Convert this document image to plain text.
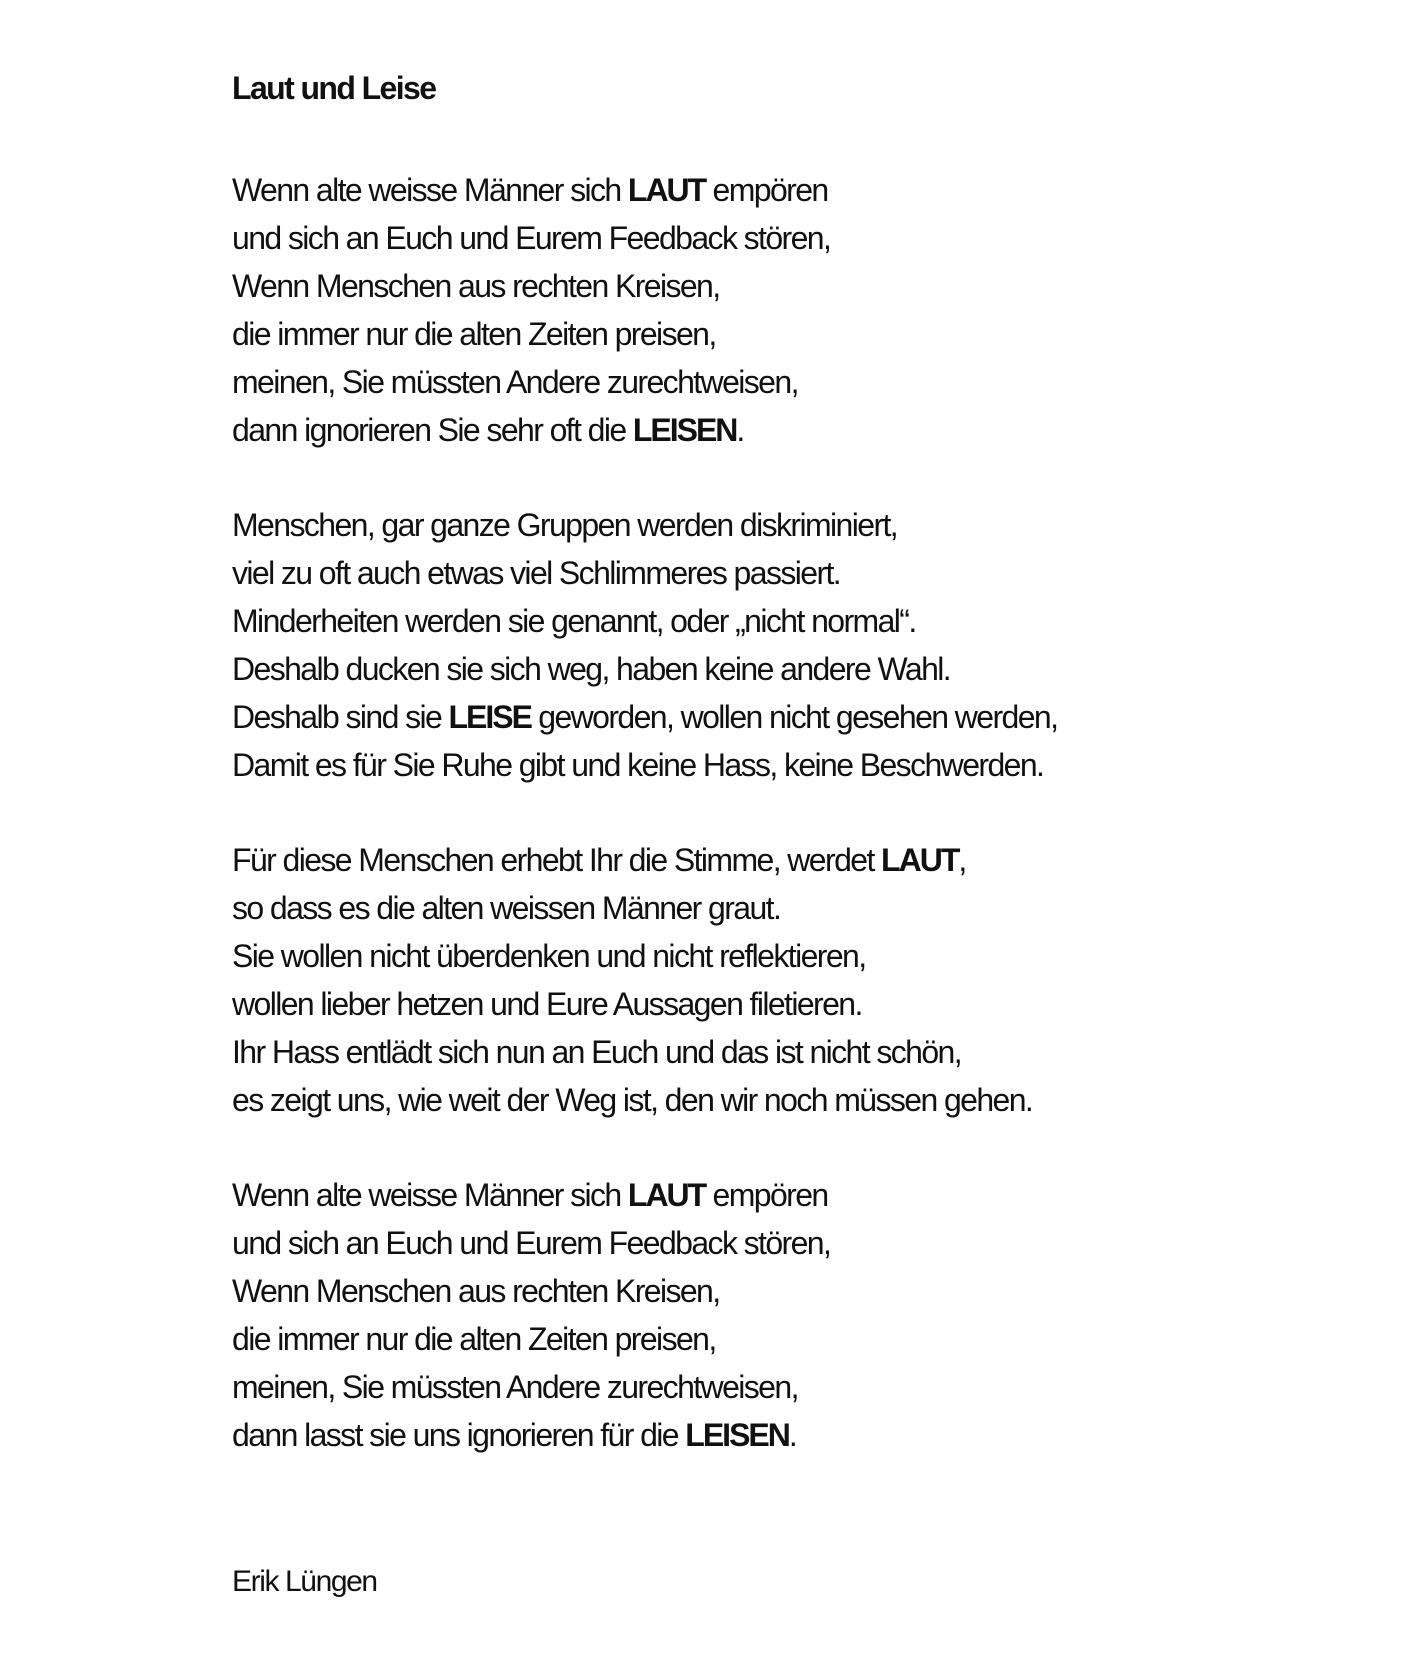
Laut und Leise
Wenn alte weisse Männer sich LAUT empören
und sich an Euch und Eurem Feedback stören,
Wenn Menschen aus rechten Kreisen,
die immer nur die alten Zeiten preisen,
meinen, Sie müssten Andere zurechtweisen,
dann ignorieren Sie sehr oft die LEISEN.
Menschen, gar ganze Gruppen werden diskriminiert,
viel zu oft auch etwas viel Schlimmeres passiert.
Minderheiten werden sie genannt, oder „nicht normal“.
Deshalb ducken sie sich weg, haben keine andere Wahl.
Deshalb sind sie LEISE geworden, wollen nicht gesehen werden,
Damit es für Sie Ruhe gibt und keine Hass, keine Beschwerden.
Für diese Menschen erhebt Ihr die Stimme, werdet LAUT,
so dass es die alten weissen Männer graut.
Sie wollen nicht überdenken und nicht reflektieren,
wollen lieber hetzen und Eure Aussagen filetieren.
Ihr Hass entlädt sich nun an Euch und das ist nicht schön,
es zeigt uns, wie weit der Weg ist, den wir noch müssen gehen.
Wenn alte weisse Männer sich LAUT empören
und sich an Euch und Eurem Feedback stören,
Wenn Menschen aus rechten Kreisen,
die immer nur die alten Zeiten preisen,
meinen, Sie müssten Andere zurechtweisen,
dann lasst sie uns ignorieren für die LEISEN.
Erik Lüngen
